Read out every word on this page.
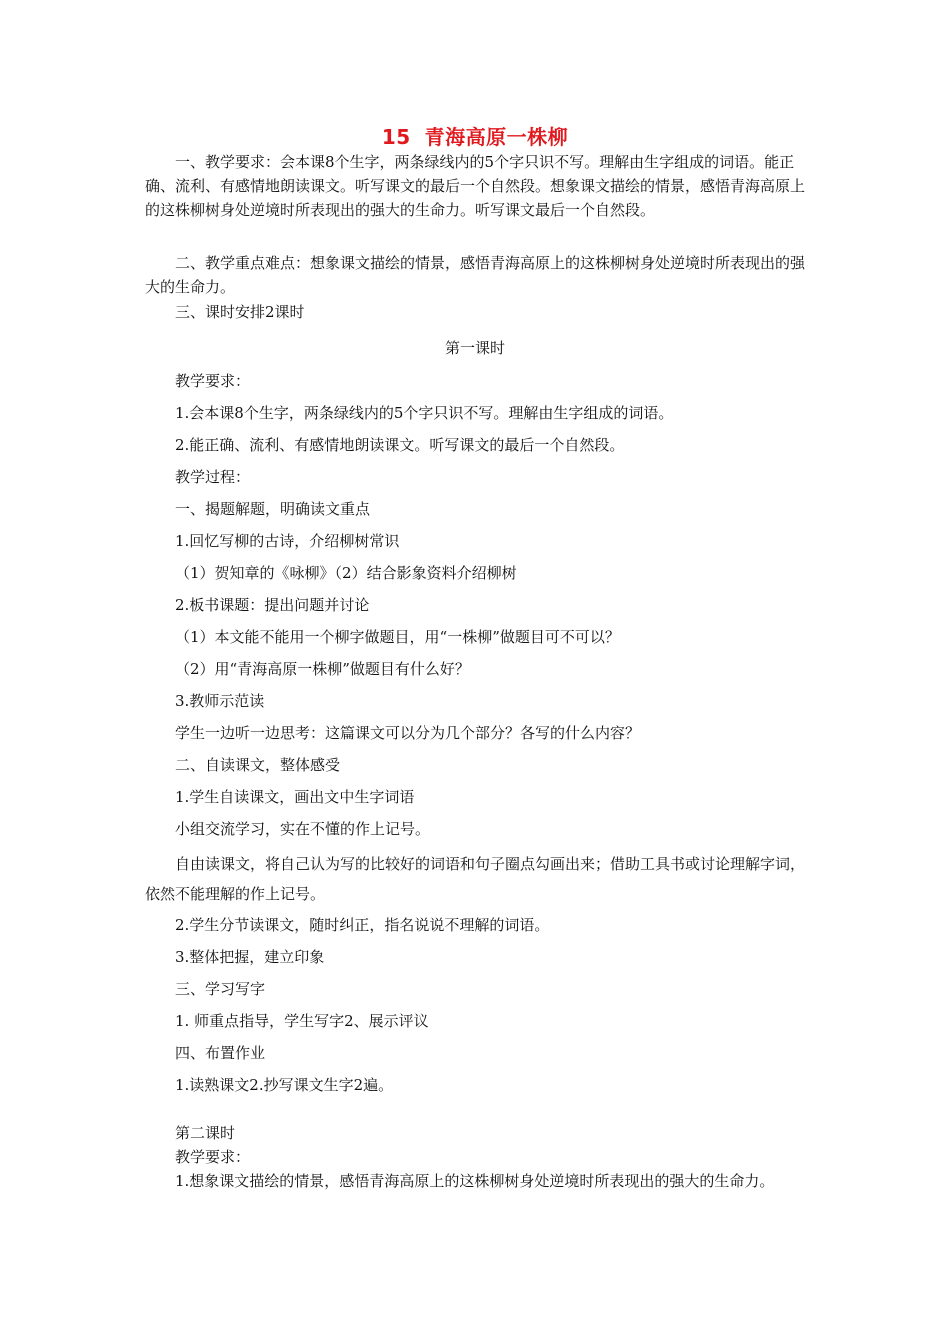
15 青海高原一株柳

一、教学要求：会本课8个生字，两条绿线内的5个字只识不写。理解由生字组成的词语。能正确、流利、有感情地朗读课文。听写课文的最后一个自然段。想象课文描绘的情景，感悟青海高原上的这株柳树身处逆境时所表现出的强大的生命力。听写课文最后一个自然段。

二、教学重点难点：想象课文描绘的情景，感悟青海高原上的这株柳树身处逆境时所表现出的强大的生命力。

三、课时安排2课时

第一课时

教学要求：

1.会本课8个生字，两条绿线内的5个字只识不写。理解由生字组成的词语。

2.能正确、流利、有感情地朗读课文。听写课文的最后一个自然段。

教学过程：

一、揭题解题，明确读文重点

1.回忆写柳的古诗，介绍柳树常识

（1）贺知章的《咏柳》（2）结合影象资料介绍柳树

2.板书课题：提出问题并讨论

（1）本文能不能用一个柳字做题目，用“一株柳”做题目可不可以？

（2）用“青海高原一株柳”做题目有什么好？

3.教师示范读

学生一边听一边思考：这篇课文可以分为几个部分？各写的什么内容？

二、自读课文，整体感受

1.学生自读课文，画出文中生字词语

小组交流学习，实在不懂的作上记号。

自由读课文，将自己认为写的比较好的词语和句子圈点勾画出来；借助工具书或讨论理解字词，依然不能理解的作上记号。

2.学生分节读课文，随时纠正，指名说说不理解的词语。

3.整体把握，建立印象

三、学习写字

1. 师重点指导，学生写字2、展示评议

四、布置作业

1.读熟课文2.抄写课文生字2遍。

第二课时

教学要求：

1.想象课文描绘的情景，感悟青海高原上的这株柳树身处逆境时所表现出的强大的生命力。
